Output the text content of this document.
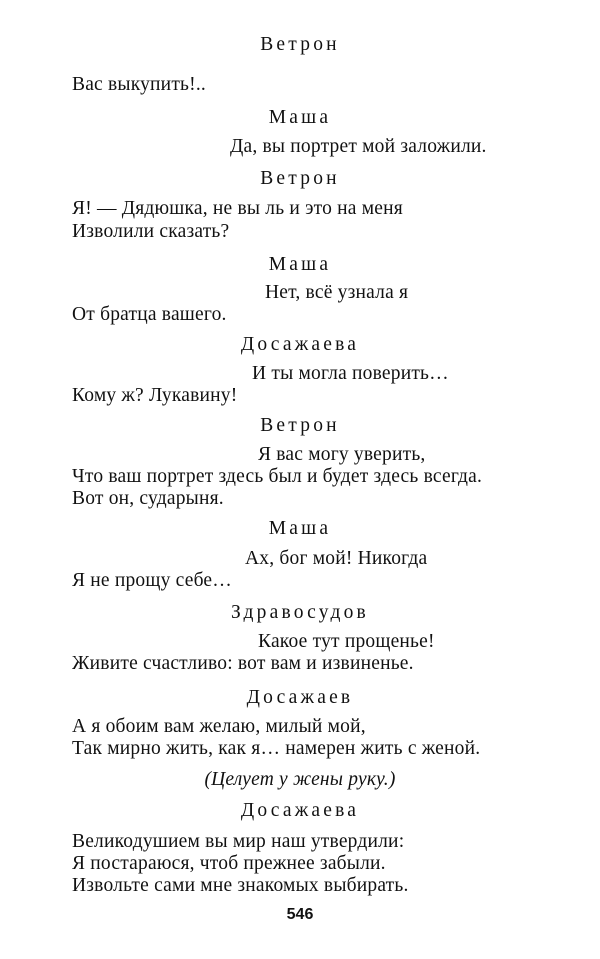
Ветрон
Вас выкупить!..
Маша
Да, вы портрет мой заложили.
Ветрон
Я! — Дядюшка, не вы ль и это на меня
Изволили сказать?
Маша
Нет, всё узнала я
От братца вашего.
Досажаева
И ты могла поверить…
Кому ж? Лукавину!
Ветрон
Я вас могу уверить,
Что ваш портрет здесь был и будет здесь всегда.
Вот он, сударыня.
Маша
Ах, бог мой! Никогда
Я не прощу себе…
Здравосудов
Какое тут прощенье!
Живите счастливо: вот вам и извиненье.
Досажаев
А я обоим вам желаю, милый мой,
Так мирно жить, как я… намерен жить с женой.
(Целует у жены руку.)
Досажаева
Великодушием вы мир наш утвердили:
Я постараюся, чтоб прежнее забыли.
Извольте сами мне знакомых выбирать.
546
